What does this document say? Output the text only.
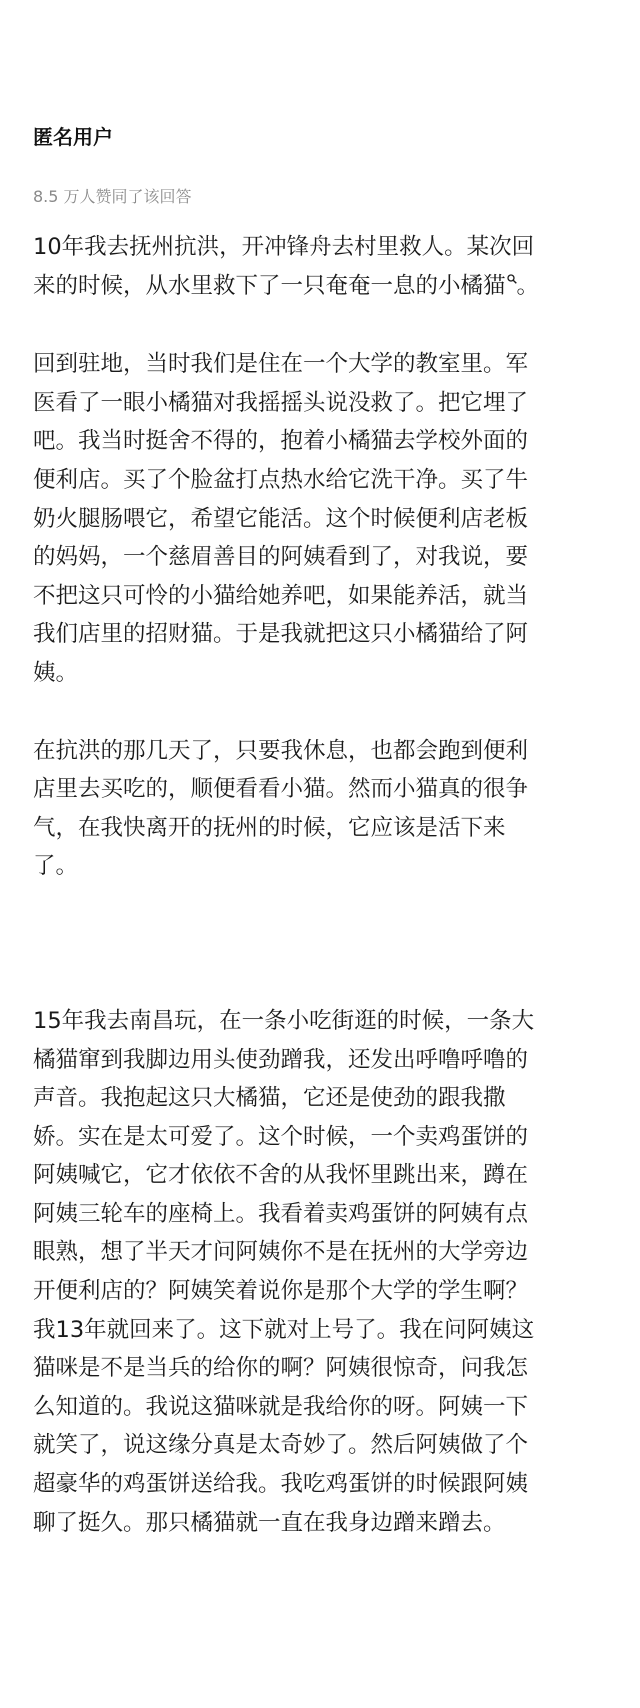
匿名用户
8.5 万人赞同了该回答

10年我去抚州抗洪，开冲锋舟去村里救人。某次回
来的时候，从水里救下了一只奄奄一息的小橘猫 。

回到驻地，当时我们是住在一个大学的教室里。军
医看了一眼小橘猫对我摇摇头说没救了。把它埋了
吧。我当时挺舍不得的，抱着小橘猫去学校外面的
便利店。买了个脸盆打点热水给它洗干净。买了牛
奶火腿肠喂它，希望它能活。这个时候便利店老板
的妈妈，一个慈眉善目的阿姨看到了，对我说，要
不把这只可怜的小猫给她养吧，如果能养活，就当
我们店里的招财猫。于是我就把这只小橘猫给了阿
姨。

在抗洪的那几天了，只要我休息，也都会跑到便利
店里去买吃的，顺便看看小猫。然而小猫真的很争
气，在我快离开的抚州的时候，它应该是活下来
了。

15年我去南昌玩，在一条小吃街逛的时候，一条大
橘猫窜到我脚边用头使劲蹭我，还发出呼噜呼噜的
声音。我抱起这只大橘猫，它还是使劲的跟我撒
娇。实在是太可爱了。这个时候，一个卖鸡蛋饼的
阿姨喊它，它才依依不舍的从我怀里跳出来，蹲在
阿姨三轮车的座椅上。我看着卖鸡蛋饼的阿姨有点
眼熟，想了半天才问阿姨你不是在抚州的大学旁边
开便利店的？阿姨笑着说你是那个大学的学生啊？
我13年就回来了。这下就对上号了。我在问阿姨这
猫咪是不是当兵的给你的啊？阿姨很惊奇，问我怎
么知道的。我说这猫咪就是我给你的呀。阿姨一下
就笑了，说这缘分真是太奇妙了。然后阿姨做了个
超豪华的鸡蛋饼送给我。我吃鸡蛋饼的时候跟阿姨
聊了挺久。那只橘猫就一直在我身边蹭来蹭去。
